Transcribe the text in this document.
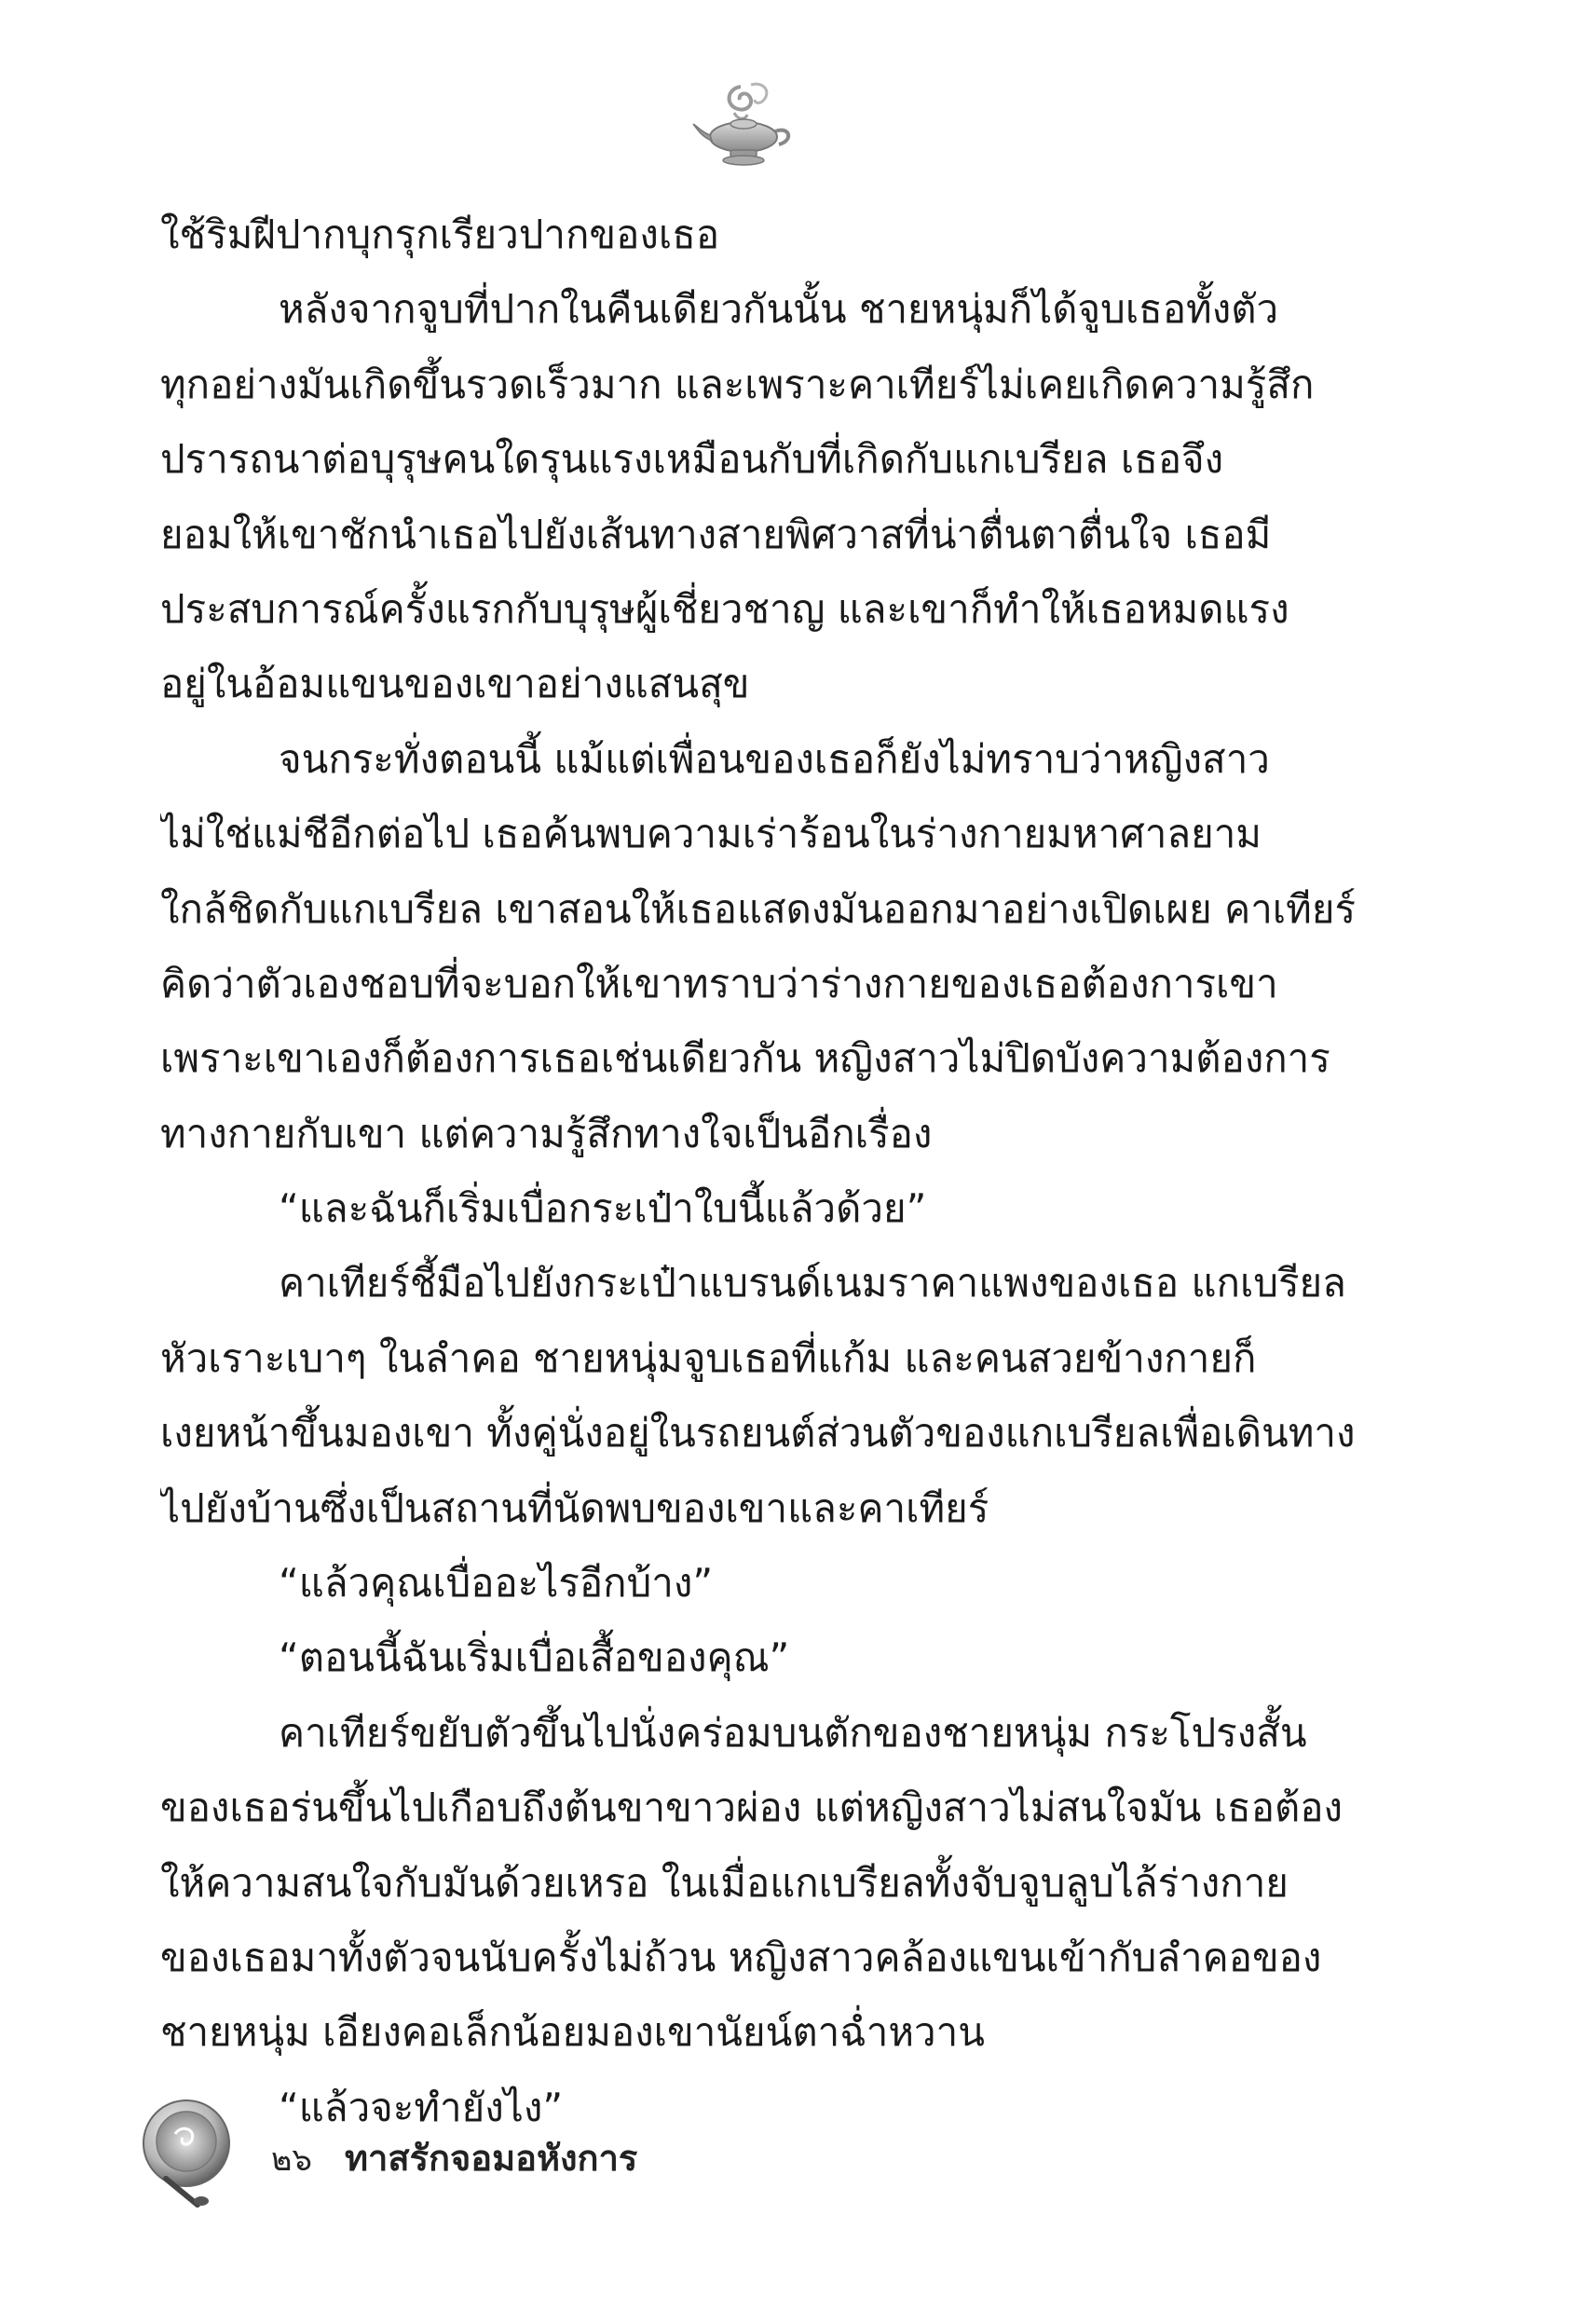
ใช้ริมฝีปากบุกรุกเรียวปากของเธอ
หลังจากจูบที่ปากในคืนเดียวกันนั้น ชายหนุ่มก็ได้จูบเธอทั้งตัว
ทุกอย่างมันเกิดขึ้นรวดเร็วมาก และเพราะคาเทียร์ไม่เคยเกิดความรู้สึก
ปรารถนาต่อบุรุษคนใดรุนแรงเหมือนกับที่เกิดกับแกเบรียล เธอจึง
ยอมให้เขาชักนำเธอไปยังเส้นทางสายพิศวาสที่น่าตื่นตาตื่นใจ เธอมี
ประสบการณ์ครั้งแรกกับบุรุษผู้เชี่ยวชาญ และเขาก็ทำให้เธอหมดแรง
อยู่ในอ้อมแขนของเขาอย่างแสนสุข
จนกระทั่งตอนนี้ แม้แต่เพื่อนของเธอก็ยังไม่ทราบว่าหญิงสาว
ไม่ใช่แม่ชีอีกต่อไป เธอค้นพบความเร่าร้อนในร่างกายมหาศาลยาม
ใกล้ชิดกับแกเบรียล เขาสอนให้เธอแสดงมันออกมาอย่างเปิดเผย คาเทียร์
คิดว่าตัวเองชอบที่จะบอกให้เขาทราบว่าร่างกายของเธอต้องการเขา
เพราะเขาเองก็ต้องการเธอเช่นเดียวกัน หญิงสาวไม่ปิดบังความต้องการ
ทางกายกับเขา แต่ความรู้สึกทางใจเป็นอีกเรื่อง
“และฉันก็เริ่มเบื่อกระเป๋าใบนี้แล้วด้วย”
คาเทียร์ชี้มือไปยังกระเป๋าแบรนด์เนมราคาแพงของเธอ แกเบรียล
หัวเราะเบาๆ ในลำคอ ชายหนุ่มจูบเธอที่แก้ม และคนสวยข้างกายก็
เงยหน้าขึ้นมองเขา ทั้งคู่นั่งอยู่ในรถยนต์ส่วนตัวของแกเบรียลเพื่อเดินทาง
ไปยังบ้านซึ่งเป็นสถานที่นัดพบของเขาและคาเทียร์
“แล้วคุณเบื่ออะไรอีกบ้าง”
“ตอนนี้ฉันเริ่มเบื่อเสื้อของคุณ”
คาเทียร์ขยับตัวขึ้นไปนั่งคร่อมบนตักของชายหนุ่ม กระโปรงสั้น
ของเธอร่นขึ้นไปเกือบถึงต้นขาขาวผ่อง แต่หญิงสาวไม่สนใจมัน เธอต้อง
ให้ความสนใจกับมันด้วยเหรอ ในเมื่อแกเบรียลทั้งจับจูบลูบไล้ร่างกาย
ของเธอมาทั้งตัวจนนับครั้งไม่ถ้วน หญิงสาวคล้องแขนเข้ากับลำคอของ
ชายหนุ่ม เอียงคอเล็กน้อยมองเขานัยน์ตาฉ่ำหวาน
“แล้วจะทำยังไง”
๒๖ ทาสรักจอมอหังการ
